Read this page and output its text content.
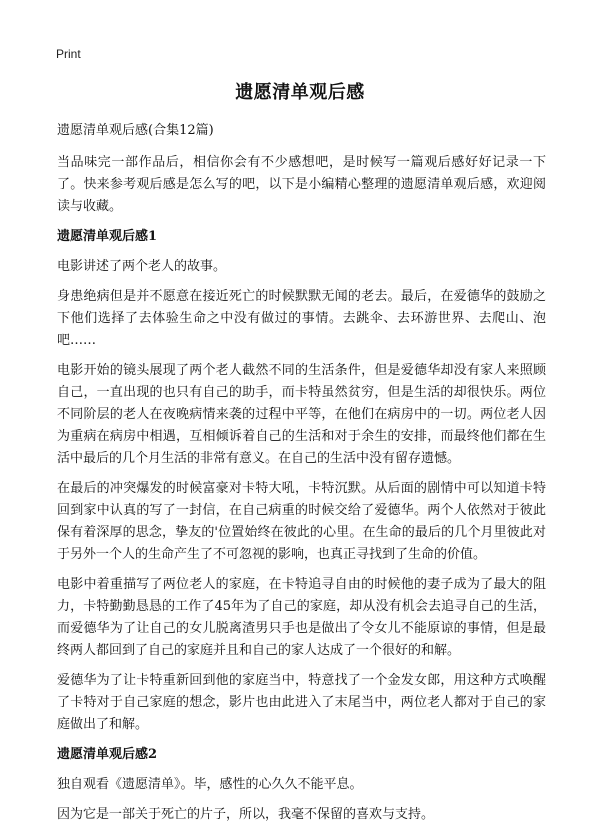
Print
遗愿清单观后感

遗愿清单观后感(合集12篇)

当品味完一部作品后，相信你会有不少感想吧，是时候写一篇观后感好好记录一下了。快来参考观后感是怎么写的吧，以下是小编精心整理的遗愿清单观后感，欢迎阅读与收藏。

遗愿清单观后感1

电影讲述了两个老人的故事。

身患绝病但是并不愿意在接近死亡的时候默默无闻的老去。最后，在爱德华的鼓励之下他们选择了去体验生命之中没有做过的事情。去跳伞、去环游世界、去爬山、泡吧……

电影开始的镜头展现了两个老人截然不同的生活条件，但是爱德华却没有家人来照顾自己，一直出现的也只有自己的助手，而卡特虽然贫穷，但是生活的却很快乐。两位不同阶层的老人在夜晚病情来袭的过程中平等，在他们在病房中的一切。两位老人因为重病在病房中相遇，互相倾诉着自己的生活和对于余生的安排，而最终他们都在生活中最后的几个月生活的非常有意义。在自己的生活中没有留存遗憾。

在最后的冲突爆发的时候富豪对卡特大吼，卡特沉默。从后面的剧情中可以知道卡特回到家中认真的写了一封信，在自己病重的时候交给了爱德华。两个人依然对于彼此保有着深厚的思念，挚友的'位置始终在彼此的心里。在生命的最后的几个月里彼此对于另外一个人的生命产生了不可忽视的影响，也真正寻找到了生命的价值。

电影中着重描写了两位老人的家庭，在卡特追寻自由的时候他的妻子成为了最大的阻力，卡特勤勤恳恳的工作了45年为了自己的家庭，却从没有机会去追寻自己的生活，而爱德华为了让自己的女儿脱离渣男只手也是做出了令女儿不能原谅的事情，但是最终两人都回到了自己的家庭并且和自己的家人达成了一个很好的和解。

爱德华为了让卡特重新回到他的家庭当中，特意找了一个金发女郎，用这种方式唤醒了卡特对于自己家庭的想念，影片也由此进入了末尾当中，两位老人都对于自己的家庭做出了和解。

遗愿清单观后感2

独自观看《遗愿清单》。毕，感性的心久久不能平息。

因为它是一部关于死亡的片子，所以，我毫不保留的喜欢与支持。
